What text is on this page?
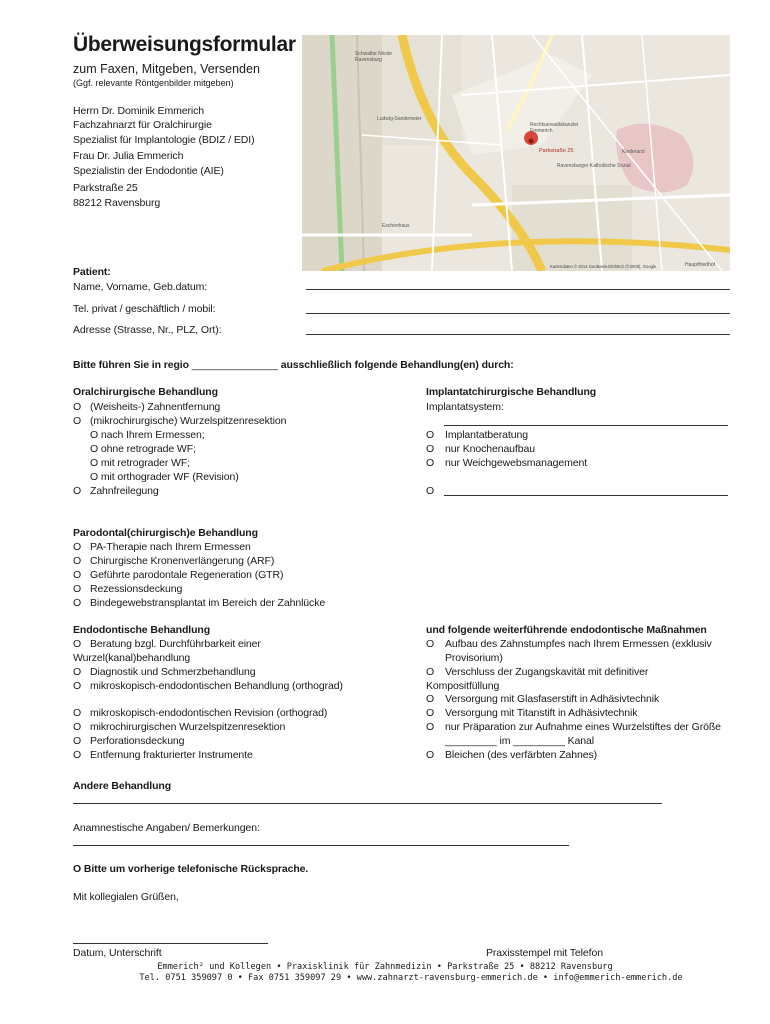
Überweisungsformular
zum Faxen, Mitgeben, Versenden
(Ggf. relevante Röntgenbilder mitgeben)
Herrn Dr. Dominik Emmerich
Fachzahnarzt für Oralchirurgie
Spezialist für Implantologie (BDIZ / EDI)
Frau Dr. Julia Emmerich
Spezialistin der Endodontie (AIE)
Parkstraße 25
88212 Ravensburg
Schwalbe Nicole
Ravensburg
Ludwig-Sandemeier
Rechtsanwaltskanzlei
Emmerich
Parkstraße 25	Kinderarzt
Ravensburger Katholische Sozial
Eschenhaus
Hauptfriedhof
Kartendaten © 2014 GeoBasis-DE/BKG (©2009), Google
Patient:
Name, Vorname, Geb.datum:
Tel. privat / geschäftlich / mobil:
Adresse (Strasse, Nr., PLZ, Ort):
Bitte führen Sie in regio _______________ ausschließlich folgende Behandlung(en) durch:
Oralchirurgische Behandlung
O (Weisheits-) Zahnentfernung
O (mikrochirurgische) Wurzelspitzenresektion
O nach Ihrem Ermessen;
O ohne retrograde WF;
O mit retrograder WF;
O mit orthograder WF (Revision)
O Zahnfreilegung
Implantatchirurgische Behandlung
Implantatsystem:
O Implantatberatung
O nur Knochenaufbau
O nur Weichgewebsmanagement
O
Parodontal(chirurgisch)e Behandlung
O PA-Therapie nach Ihrem Ermessen
O Chirurgische Kronenverlängerung (ARF)
O Geführte parodontale Regeneration (GTR)
O Rezessionsdeckung
O Bindegewebstransplantat im Bereich der Zahnlücke
Endodontische Behandlung
O Beratung bzgl. Durchführbarkeit einer
Wurzel(kanal)behandlung
O Diagnostik und Schmerzbehandlung
O mikroskopisch-endodontischen Behandlung (orthograd)
O mikroskopisch-endodontischen Revision (orthograd)
O mikrochirurgischen Wurzelspitzenresektion
O Perforationsdeckung
O Entfernung frakturierter Instrumente
und folgende weiterführende endodontische Maßnahmen
O Aufbau des Zahnstumpfes nach Ihrem Ermessen (exklusiv
Provisorium)
O Verschluss der Zugangskavität mit definitiver
Kompositfüllung
O Versorgung mit Glasfaserstift in Adhäsivtechnik
O Versorgung mit Titanstift in Adhäsivtechnik
O nur Präparation zur Aufnahme eines Wurzelstiftes der Größe
_________ im _________ Kanal
O Bleichen (des verfärbten Zahnes)
Andere Behandlung
Anamnestische Angaben/ Bemerkungen:
O Bitte um vorherige telefonische Rücksprache.
Mit kollegialen Grüßen,
Datum, Unterschrift	Praxisstempel mit Telefon
Emmerich² und Kollegen • Praxisklinik für Zahnmedizin • Parkstraße 25 • 88212 Ravensburg
Tel. 0751 359097 0 • Fax 0751 359097 29 • www.zahnarzt-ravensburg-emmerich.de • info@emmerich-emmerich.de
